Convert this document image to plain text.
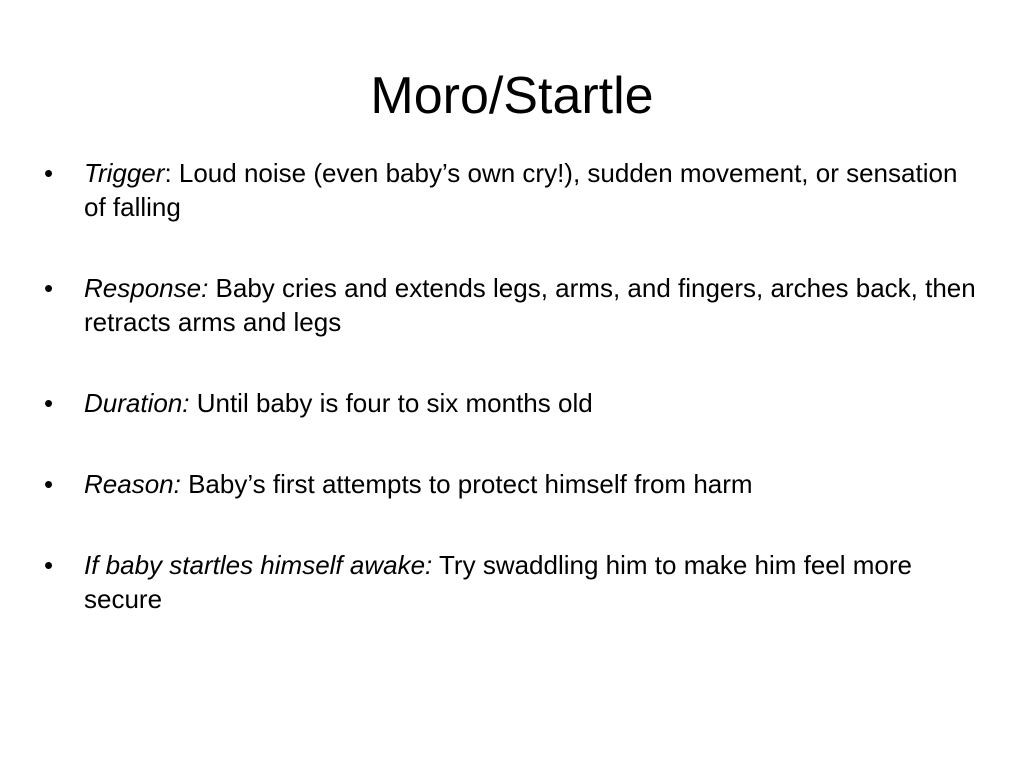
Moro/Startle
•	Trigger: Loud noise (even baby’s own cry!), sudden movement, or sensation of falling
•	Response: Baby cries and extends legs, arms, and fingers, arches back, then retracts arms and legs
•	Duration: Until baby is four to six months old
•	Reason: Baby’s first attempts to protect himself from harm
•	If baby startles himself awake: Try swaddling him to make him feel more secure
